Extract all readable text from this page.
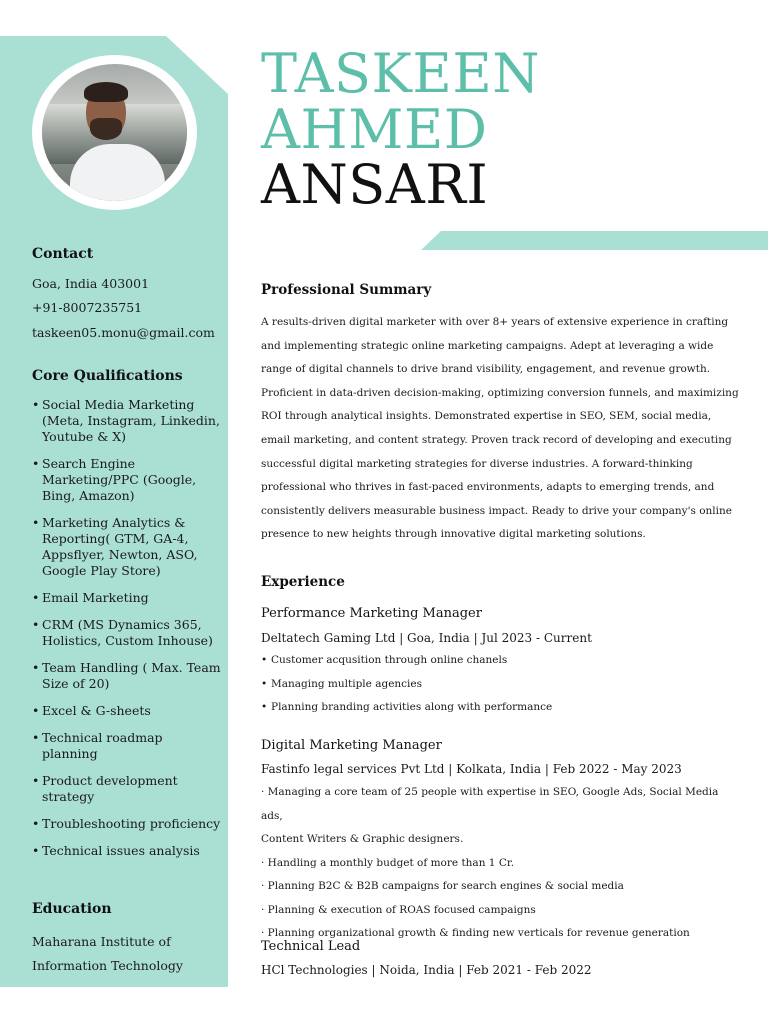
Contact
Goa, India 403001
+91-8007235751
taskeen05.monu@gmail.com
Core Qualifications
• Social Media Marketing (Meta, Instagram, Linkedin, Youtube & X)
• Search Engine Marketing/PPC (Google, Bing, Amazon)
• Marketing Analytics & Reporting( GTM, GA-4, Appsflyer, Newton, ASO, Google Play Store)
• Email Marketing
• CRM (MS Dynamics 365, Holistics, Custom Inhouse)
• Team Handling ( Max. Team Size of 20)
• Excel & G-sheets
• Technical roadmap planning
• Product development strategy
• Troubleshooting proficiency
• Technical issues analysis
Education
Maharana Institute of
Information Technology
TASKEEN
AHMED
ANSARI
Professional Summary
A results-driven digital marketer with over 8+ years of extensive experience in crafting and implementing strategic online marketing campaigns. Adept at leveraging a wide range of digital channels to drive brand visibility, engagement, and revenue growth. Proficient in data-driven decision-making, optimizing conversion funnels, and maximizing ROI through analytical insights. Demonstrated expertise in SEO, SEM, social media, email marketing, and content strategy. Proven track record of developing and executing successful digital marketing strategies for diverse industries. A forward-thinking professional who thrives in fast-paced environments, adapts to emerging trends, and consistently delivers measurable business impact. Ready to drive your company's online presence to new heights through innovative digital marketing solutions.
Experience
Performance Marketing Manager
Deltatech Gaming Ltd | Goa, India | Jul 2023 - Current
• Customer acqusition through online chanels
• Managing multiple agencies
• Planning branding activities along with performance
Digital Marketing Manager
Fastinfo legal services Pvt Ltd | Kolkata, India | Feb 2022 - May 2023
· Managing a core team of 25 people with expertise in SEO, Google Ads, Social Media ads,
Content Writers & Graphic designers.
· Handling a monthly budget of more than 1 Cr.
· Planning B2C & B2B campaigns for search engines & social media
· Planning & execution of ROAS focused campaigns
· Planning organizational growth & finding new verticals for revenue generation
Technical Lead
HCl Technologies | Noida, India | Feb 2021 - Feb 2022
